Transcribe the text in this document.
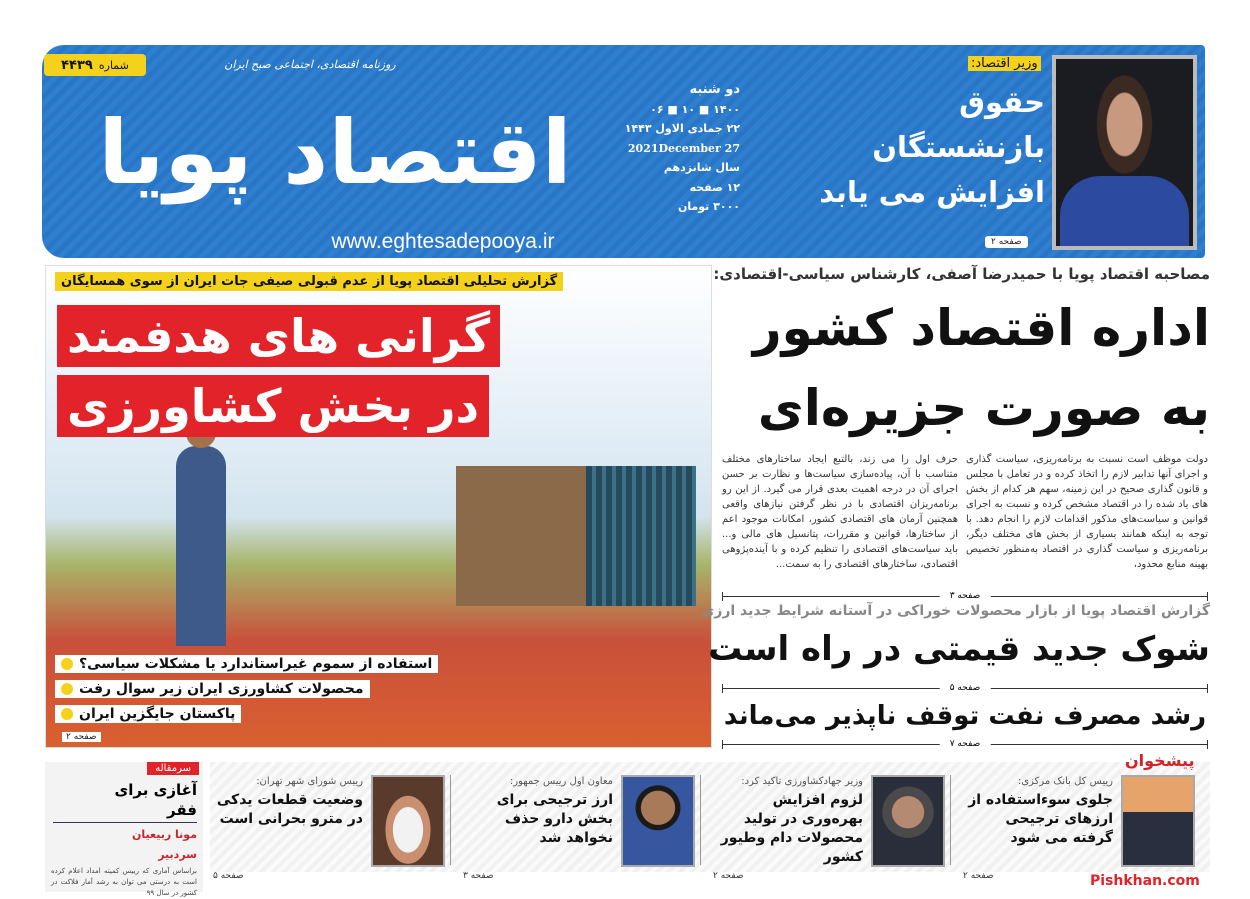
شماره
۴۴۳۹	روزنامه اقتصادی، اجتماعی صبح ایران
اقتصاد پویا
www.eghtesadepooya.ir
دو شنبه
۱۴۰۰ ■ ۱۰ ■ ۰۶
۲۲ جمادی الاول ۱۴۴۳
2021December 27
سال شانزدهم
۱۲ صفحه
۳۰۰۰ تومان
وزیر اقتصاد:
حقوق بازنشستگان افزایش می یابد
صفحه ۲
گزارش تحلیلی اقتصاد پویا از عدم قبولی صیفی جات ایران از سوی همسایگان
گرانی های هدفمند
در بخش کشاورزی
استفاده از سموم غیراستاندارد یا مشکلات سیاسی؟
محصولات کشاورزی ایران زیر سوال رفت
پاکستان جایگزین ایران
صفحه ۲
مصاحبه اقتصاد پویا با حمیدرضا آصفی، کارشناس سیاسی-اقتصادی:
اداره اقتصاد کشور
به صورت جزیره‌ای
دولت موظف است نسبت به برنامه‌ریزی، سیاست گذاری و اجرای آنها تدابیر لازم را اتخاذ کرده و در تعامل با مجلس و قانون گذاری صحیح در این زمینه، سهم هر کدام از بخش های یاد شده را در اقتصاد مشخص کرده و نسبت به اجرای قوانین و سیاست‌های مذکور اقدامات لازم را انجام دهد. با توجه به اینکه همانند بسیاری از بخش های مختلف دیگر، برنامه‌ریزی و سیاست گذاری در اقتصاد به‌منظور تخصیص بهینه منابع محدود،
حرف اول را می زند، بالتبع ایجاد ساختارهای مختلف متناسب با آن، پیاده‌سازی سیاست‌ها و نظارت بر حسن اجرای آن در درجه اهمیت بعدی قرار می گیرد. از این رو برنامه‌ریزان اقتصادی با در نظر گرفتن نیازهای واقعی همچنین آرمان های اقتصادی کشور، امکانات موجود اعم از ساختارها، قوانین و مقررات، پتانسیل های مالی و... باید سیاست‌های اقتصادی را تنظیم کرده و با آینده‌پژوهی اقتصادی، ساختارهای اقتصادی را به سمت...
صفحه ۳
گزارش اقتصاد پویا از بازار محصولات خوراکی در آستانه شرایط جدید ارزی
شوک جدید قیمتی در راه است
صفحه ۵
رشد مصرف نفت توقف ناپذیر می‌ماند
صفحه ۷
سرمقاله
آغازی برای فقر
مونا ربیعیان
سردبیر
براساس آماری که رییس کمیته امداد اعلام کرده است به درستی می توان به رشد آمار فلاکت در کشور در سال ۹۹
رییس کل بانک مرکزی:
جلوی سوءاستفاده از ارزهای ترجیحی گرفته می شود
صفحه ۲
وزیر جهادکشاورزی تاکید کرد:
لزوم افزایش بهره‌وری در تولید محصولات دام وطیور کشور
صفحه ۲
معاون اول رییس جمهور:
ارز ترجیحی برای بخش دارو حذف نخواهد شد
صفحه ۳
رییس شورای شهر تهران:
وضعیت قطعات یدکی در مترو بحرانی است
صفحه ۵
پیشخوان
Pishkhan.com
